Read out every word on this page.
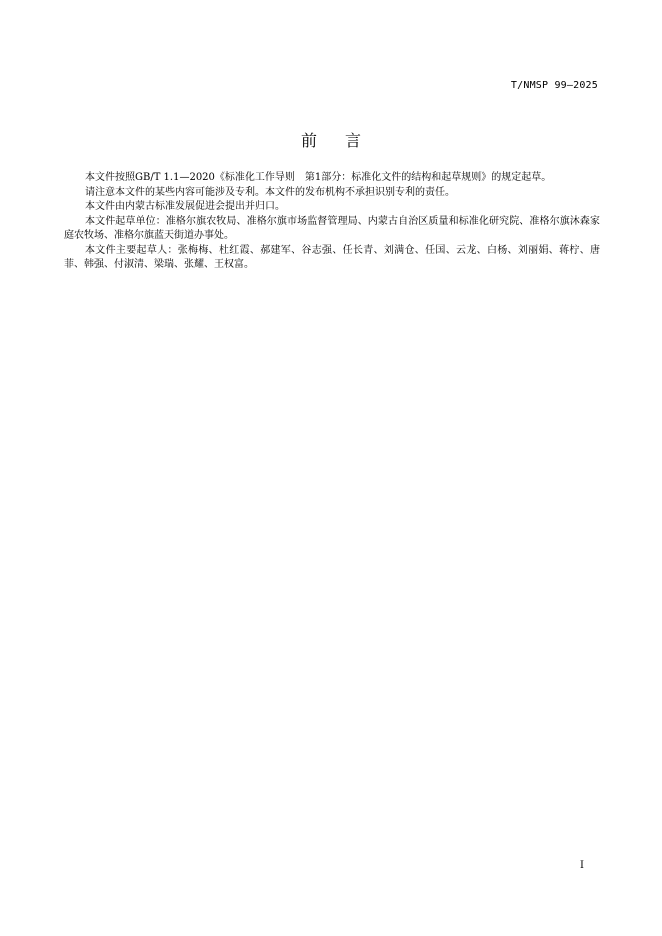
T/NMSP 99—2025
前言

本文件按照GB/T 1.1—2020《标准化工作导则　第1部分：标准化文件的结构和起草规则》的规定起草。

请注意本文件的某些内容可能涉及专利。本文件的发布机构不承担识别专利的责任。

本文件由内蒙古标准发展促进会提出并归口。

本文件起草单位：准格尔旗农牧局、准格尔旗市场监督管理局、内蒙古自治区质量和标准化研究院、准格尔旗沐森家庭农牧场、准格尔旗蓝天街道办事处。

本文件主要起草人：张梅梅、杜红霞、郝建军、谷志强、任长青、刘满仓、任国、云龙、白杨、刘丽娟、蒋柠、唐菲、韩强、付淑清、梁瑞、张耀、王权富。

I
